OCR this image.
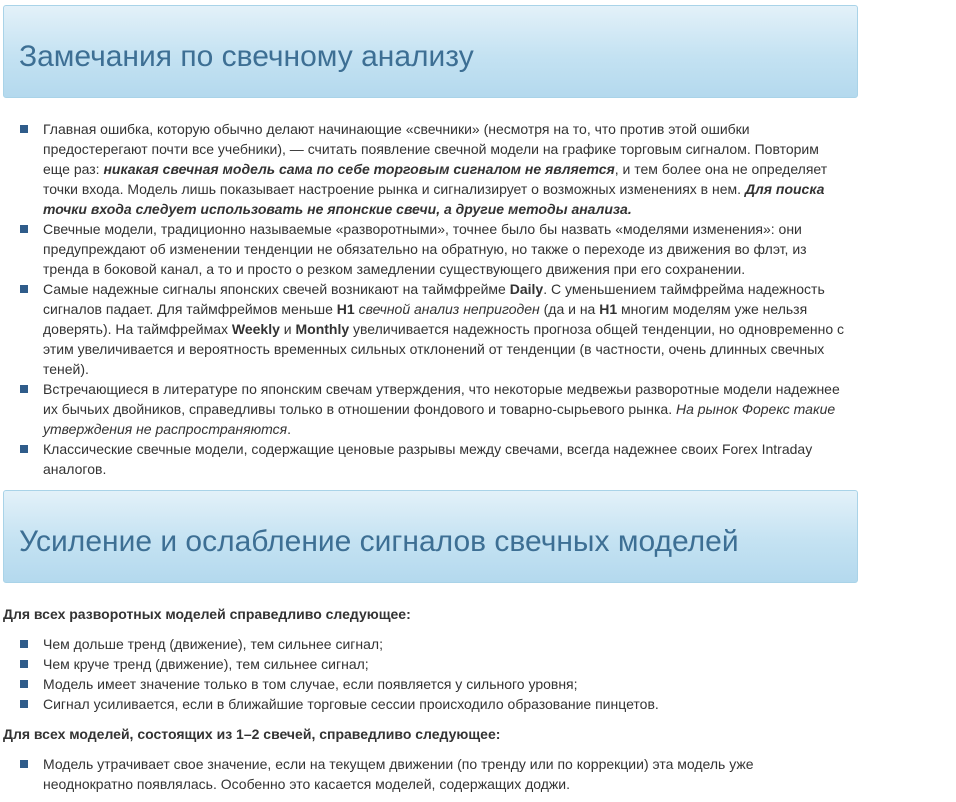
Замечания по свечному анализу
Главная ошибка, которую обычно делают начинающие «свечники» (несмотря на то, что против этой ошибки предостерегают почти все учебники), — считать появление свечной модели на графике торговым сигналом. Повторим еще раз: никакая свечная модель сама по себе торговым сигналом не является, и тем более она не определяет точки входа. Модель лишь показывает настроение рынка и сигнализирует о возможных изменениях в нем. Для поиска точки входа следует использовать не японские свечи, а другие методы анализа.
Свечные модели, традиционно называемые «разворотными», точнее было бы назвать «моделями изменения»: они предупреждают об изменении тенденции не обязательно на обратную, но также о переходе из движения во флэт, из тренда в боковой канал, а то и просто о резком замедлении существующего движения при его сохранении.
Самые надежные сигналы японских свечей возникают на таймфрейме Daily. С уменьшением таймфрейма надежность сигналов падает. Для таймфреймов меньше H1 свечной анализ непригоден (да и на H1 многим моделям уже нельзя доверять). На таймфреймах Weekly и Monthly увеличивается надежность прогноза общей тенденции, но одновременно с этим увеличивается и вероятность временных сильных отклонений от тенденции (в частности, очень длинных свечных теней).
Встречающиеся в литературе по японским свечам утверждения, что некоторые медвежьи разворотные модели надежнее их бычьих двойников, справедливы только в отношении фондового и товарно-сырьевого рынка. На рынок Форекс такие утверждения не распространяются.
Классические свечные модели, содержащие ценовые разрывы между свечами, всегда надежнее своих Forex Intraday аналогов.
Усиление и ослабление сигналов свечных моделей

Для всех разворотных моделей справедливо следующее:

Чем дольше тренд (движение), тем сильнее сигнал;
Чем круче тренд (движение), тем сильнее сигнал;
Модель имеет значение только в том случае, если появляется у сильного уровня;
Сигнал усиливается, если в ближайшие торговые сессии происходило образование пинцетов.

Для всех моделей, состоящих из 1–2 свечей, справедливо следующее:

Модель утрачивает свое значение, если на текущем движении (по тренду или по коррекции) эта модель уже неоднократно появлялась. Особенно это касается моделей, содержащих доджи.
